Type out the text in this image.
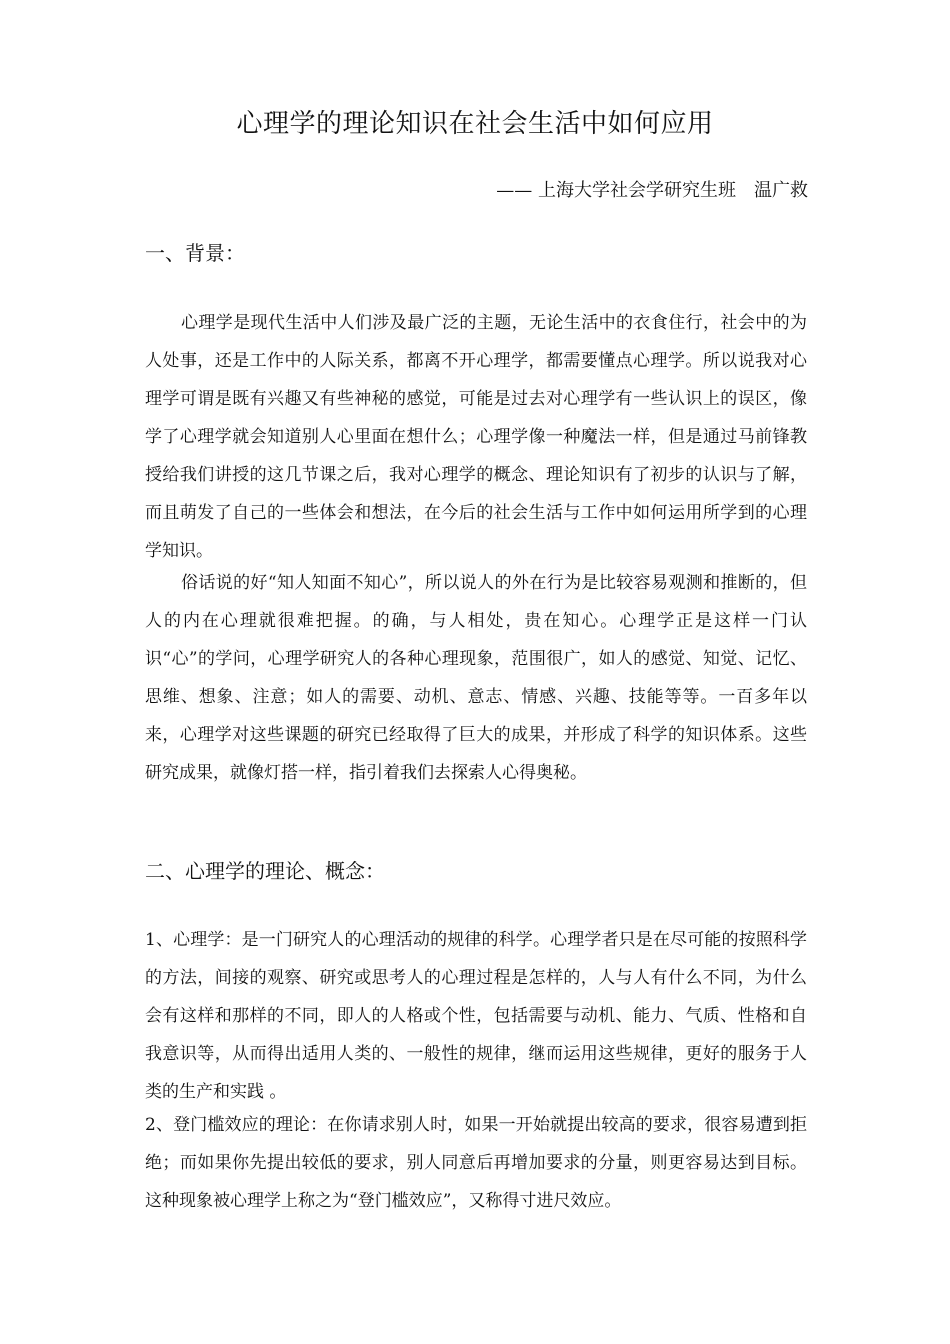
心理学的理论知识在社会生活中如何应用
—— 上海大学社会学研究生班　温广救
一、背景：

心理学是现代生活中人们涉及最广泛的主题，无论生活中的衣食住行，社会中的为人处事，还是工作中的人际关系，都离不开心理学，都需要懂点心理学。所以说我对心理学可谓是既有兴趣又有些神秘的感觉，可能是过去对心理学有一些认识上的误区，像学了心理学就会知道别人心里面在想什么；心理学像一种魔法一样，但是通过马前锋教授给我们讲授的这几节课之后，我对心理学的概念、理论知识有了初步的认识与了解，而且萌发了自己的一些体会和想法，在今后的社会生活与工作中如何运用所学到的心理学知识。

俗话说的好“知人知面不知心”，所以说人的外在行为是比较容易观测和推断的，但人的内在心理就很难把握。的确，与人相处，贵在知心。心理学正是这样一门认识“心”的学问，心理学研究人的各种心理现象，范围很广，如人的感觉、知觉、记忆、思维、想象、注意；如人的需要、动机、意志、情感、兴趣、技能等等。一百多年以来，心理学对这些课题的研究已经取得了巨大的成果，并形成了科学的知识体系。这些研究成果，就像灯搭一样，指引着我们去探索人心得奥秘。

二、心理学的理论、概念：

1、心理学：是一门研究人的心理活动的规律的科学。心理学者只是在尽可能的按照科学的方法，间接的观察、研究或思考人的心理过程是怎样的，人与人有什么不同，为什么会有这样和那样的不同，即人的人格或个性，包括需要与动机、能力、气质、性格和自我意识等，从而得出适用人类的、一般性的规律，继而运用这些规律，更好的服务于人类的生产和实践 。

2、登门槛效应的理论：在你请求别人时，如果一开始就提出较高的要求，很容易遭到拒绝；而如果你先提出较低的要求，别人同意后再增加要求的分量，则更容易达到目标。这种现象被心理学上称之为“登门槛效应”，又称得寸进尺效应。
